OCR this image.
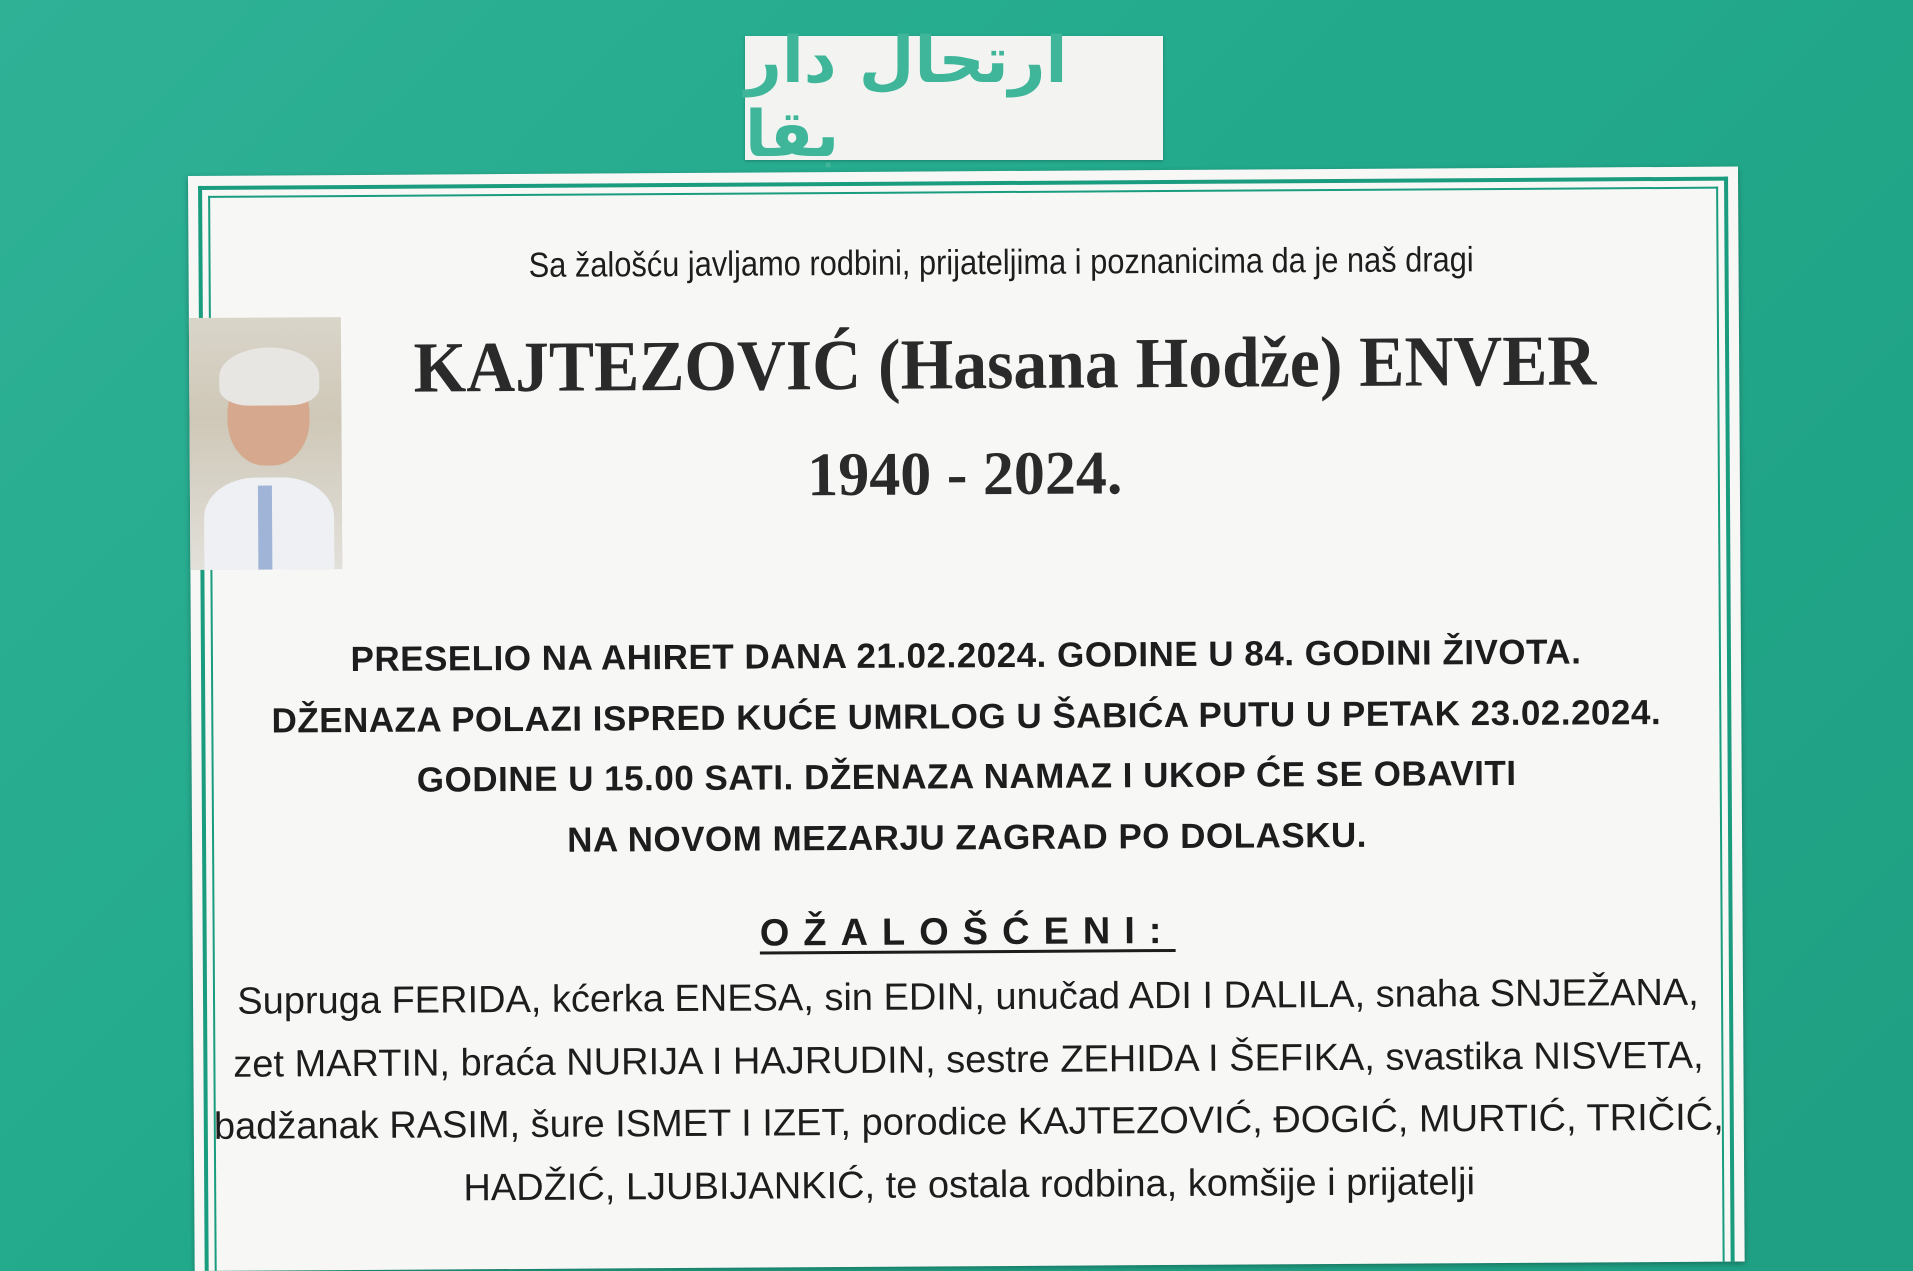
ارتحال دار بقا
Sa žalošću javljamo rodbini, prijateljima i poznanicima da je naš dragi
KAJTEZOVIĆ (Hasana Hodže) ENVER
1940 - 2024.
PRESELIO NA AHIRET DANA 21.02.2024. GODINE U 84. GODINI ŽIVOTA.
DŽENAZA POLAZI ISPRED KUĆE UMRLOG U ŠABIĆA PUTU U PETAK 23.02.2024.
GODINE U 15.00 SATI. DŽENAZA NAMAZ I UKOP ĆE SE OBAVITI
NA NOVOM MEZARJU ZAGRAD PO DOLASKU.
OŽALOŠĆENI:
Supruga FERIDA, kćerka ENESA, sin EDIN, unučad ADI I DALILA, snaha SNJEŽANA,
zet MARTIN, braća NURIJA I HAJRUDIN, sestre ZEHIDA I ŠEFIKA, svastika NISVETA,
badžanak RASIM, šure ISMET I IZET, porodice KAJTEZOVIĆ, ĐOGIĆ, MURTIĆ, TRIČIĆ,
HADŽIĆ, LJUBIJANKIĆ, te ostala rodbina, komšije i prijatelji
